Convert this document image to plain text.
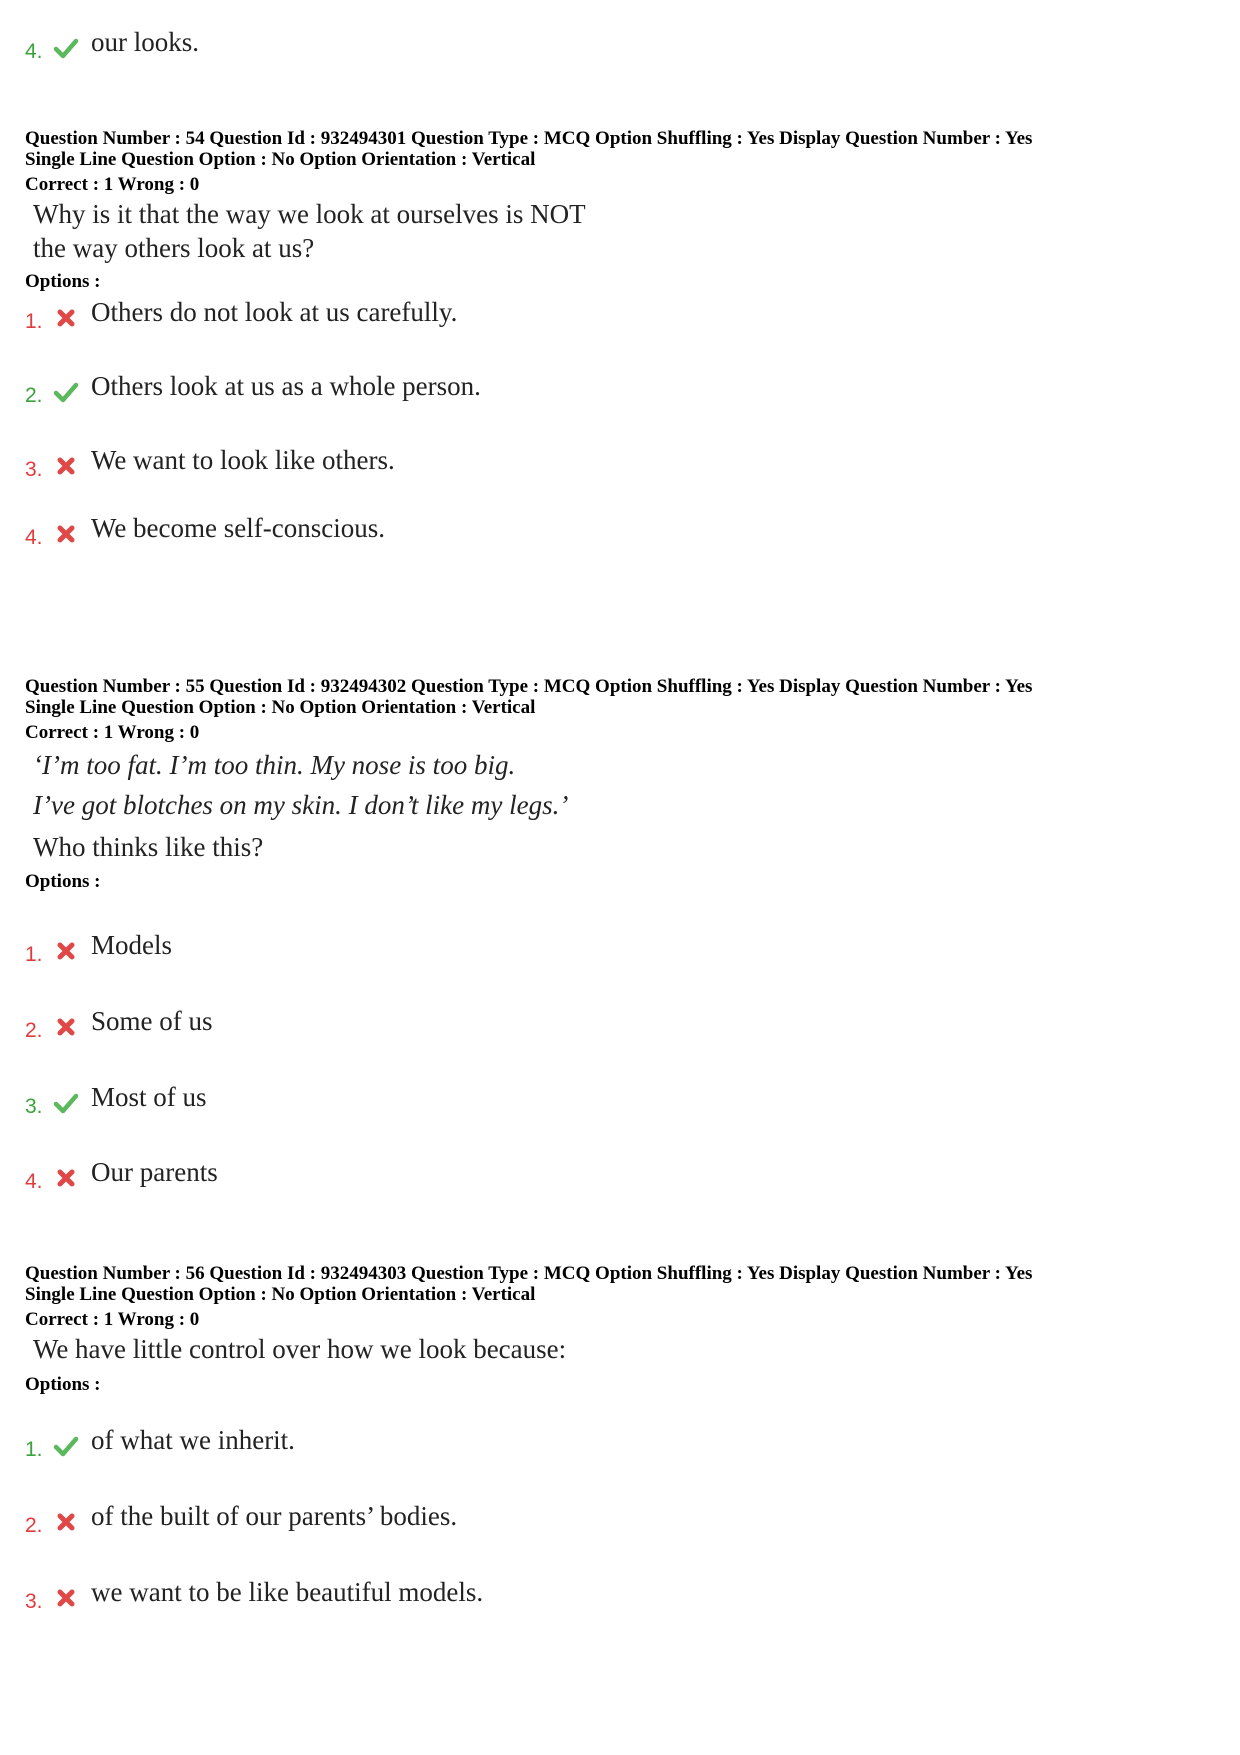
4. our looks.
Question Number : 54 Question Id : 932494301 Question Type : MCQ Option Shuffling : Yes Display Question Number : Yes
Single Line Question Option : No Option Orientation : Vertical
Correct : 1 Wrong : 0
Why is it that the way we look at ourselves is NOT
the way others look at us?
Options :
1. Others do not look at us carefully.
2. Others look at us as a whole person.
3. We want to look like others.
4. We become self-conscious.
Question Number : 55 Question Id : 932494302 Question Type : MCQ Option Shuffling : Yes Display Question Number : Yes
Single Line Question Option : No Option Orientation : Vertical
Correct : 1 Wrong : 0
‘I’m too fat. I’m too thin. My nose is too big.
I’ve got blotches on my skin. I don’t like my legs.’
Who thinks like this?
Options :
1. Models
2. Some of us
3. Most of us
4. Our parents
Question Number : 56 Question Id : 932494303 Question Type : MCQ Option Shuffling : Yes Display Question Number : Yes
Single Line Question Option : No Option Orientation : Vertical
Correct : 1 Wrong : 0
We have little control over how we look because:
Options :
1. of what we inherit.
2. of the built of our parents’ bodies.
3. we want to be like beautiful models.
